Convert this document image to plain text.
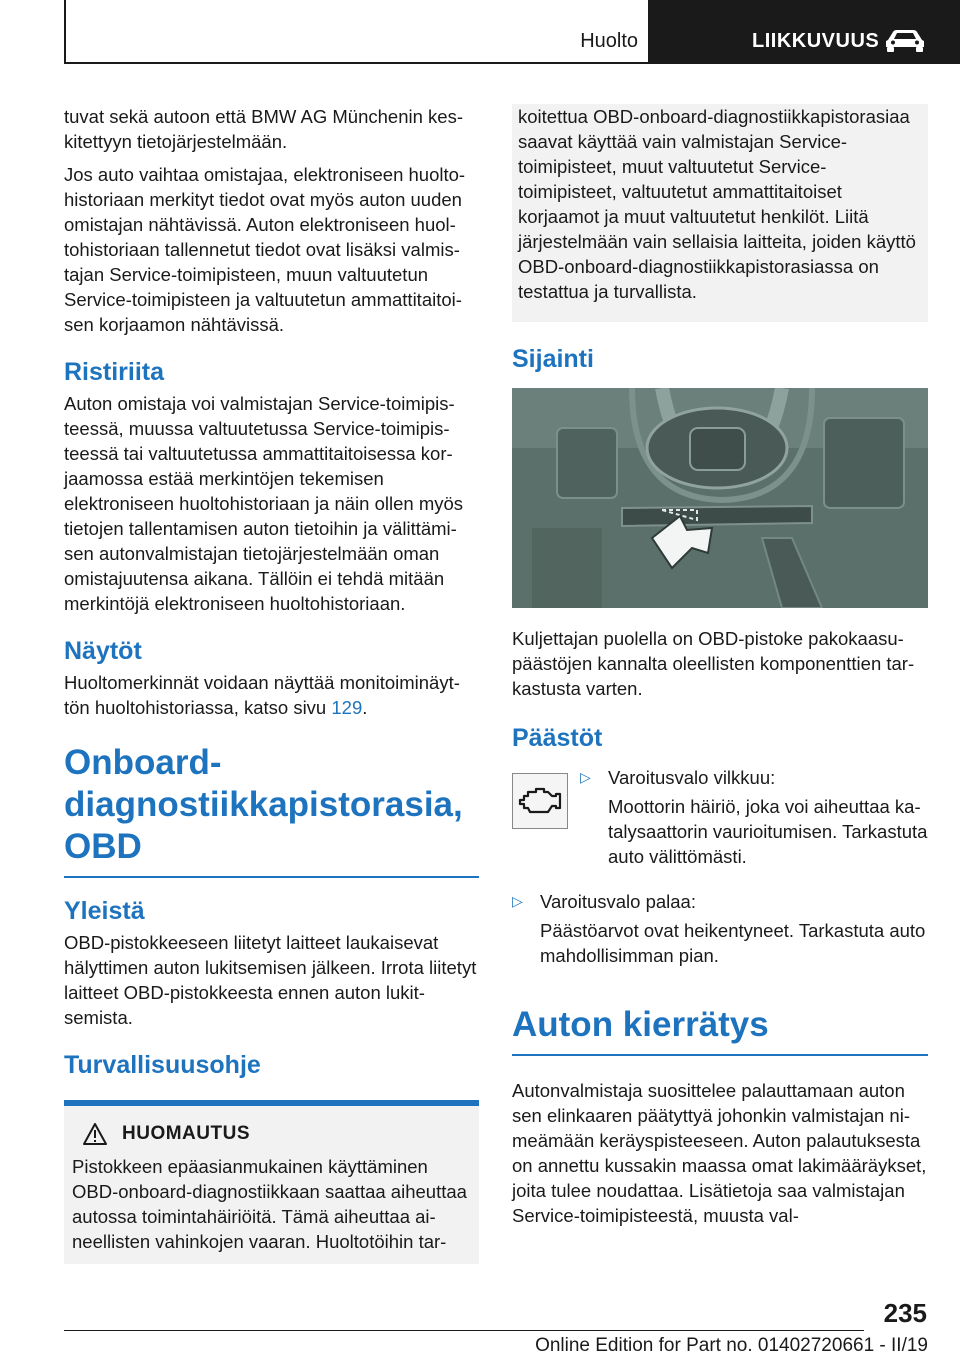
Huolto	LIIKKUVUUS

tuvat sekä autoon että BMW AG Münchenin keskitettyyn tietojärjestelmään.

Jos auto vaihtaa omistajaa, elektroniseen huoltohistoriaan merkityt tiedot ovat myös auton uuden omistajan nähtävissä. Auton elektroniseen huoltohistoriaan tallennetut tiedot ovat lisäksi valmistajan Service-toimipisteen, muun valtuutetun Service-toimipisteen ja valtuutetun ammattitaitoisen korjaamon nähtävissä.

Ristiriita

Auton omistaja voi valmistajan Service-toimipisteessä, muussa valtuutetussa Service-toimipisteessä tai valtuutetussa ammattitaitoisessa korjaamossa estää merkintöjen tekemisen elektroniseen huoltohistoriaan ja näin ollen myös tietojen tallentamisen auton tietoihin ja välittämisen autonvalmistajan tietojärjestelmään oman omistajuutensa aikana. Tällöin ei tehdä mitään merkintöjä elektroniseen huoltohistoriaan.

Näytöt

Huoltomerkinnät voidaan näyttää monitoiminäyttön huoltohistoriassa, katso sivu 129.

Onboard-diagnostiikkapistorasia, OBD
Yleistä

OBD-pistokkeeseen liitetyt laitteet laukaisevat hälyttimen auton lukitsemisen jälkeen. Irrota liitetyt laitteet OBD-pistokkeesta ennen auton lukitsemista.

Turvallisuusohje
HUOMAUTUS

Pistokkeen epäasianmukainen käyttäminen OBD-onboard-diagnostiikkaan saattaa aiheuttaa autossa toimintahäiriöitä. Tämä aiheuttaa aineellisten vahinkojen vaaran. Huoltotöihin tar-

koitettua OBD-onboard-diagnostiikkapistorasiaa saavat käyttää vain valmistajan Service-toimipisteet, muut valtuutetut Service-toimipisteet, valtuutetut ammattitaitoiset korjaamot ja muut valtuutetut henkilöt. Liitä järjestelmään vain sellaisia laitteita, joiden käyttö OBD-onboard-diagnostiikkapistorasiassa on testattua ja turvallista.

Sijainti

Kuljettajan puolella on OBD-pistoke pakokaasupäästöjen kannalta oleellisten komponenttien tarkastusta varten.

Päästöt
▷ Varoitusvalo vilkkuu:
Moottorin häiriö, joka voi aiheuttaa katalysaattorin vaurioitumisen. Tarkastuta auto välittömästi.
▷ Varoitusvalo palaa:
Päästöarvot ovat heikentyneet. Tarkastuta auto mahdollisimman pian.
Auton kierrätys

Autonvalmistaja suosittelee palauttamaan auton sen elinkaaren päätyttyä johonkin valmistajan nimeämään keräyspisteeseen. Auton palautuksesta on annettu kussakin maassa omat lakimääräykset, joita tulee noudattaa. Lisätietoja saa valmistajan Service-toimipisteestä, muusta val-

235
Online Edition for Part no. 01402720661 - II/19
